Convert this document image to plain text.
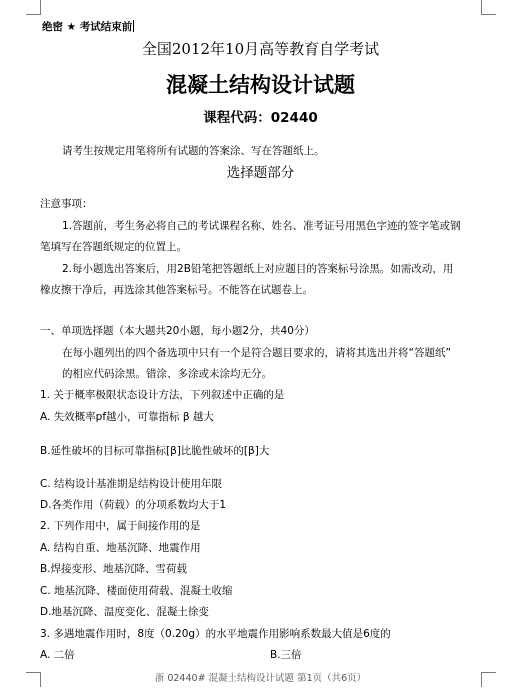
绝密 ★ 考试结束前
全国2012年10月高等教育自学考试
混凝土结构设计试题
课程代码：02440
请考生按规定用笔将所有试题的答案涂、写在答题纸上。
选择题部分
注意事项：
1.答题前，考生务必将自己的考试课程名称、姓名、准考证号用黑色字迹的签字笔或钢
笔填写在答题纸规定的位置上。
2.每小题选出答案后，用2B铅笔把答题纸上对应题目的答案标号涂黑。如需改动，用
橡皮擦干净后，再选涂其他答案标号。不能答在试题卷上。
一、单项选择题（本大题共20小题，每小题2分，共40分）
在每小题列出的四个备选项中只有一个是符合题目要求的，请将其选出并将“答题纸”
的相应代码涂黑。错涂、多涂或未涂均无分。
1. 关于概率极限状态设计方法，下列叙述中正确的是
A. 失效概率pf越小，可靠指标 β 越大
B.延性破坏的目标可靠指标[β]比脆性破坏的[β]大
C. 结构设计基准期是结构设计使用年限
D.各类作用（荷载）的分项系数均大于1
2. 下列作用中，属于间接作用的是
A. 结构自重、地基沉降、地震作用
B.焊接变形、地基沉降、雪荷载
C. 地基沉降、楼面使用荷载、混凝土收缩
D.地基沉降、温度变化、混凝土徐变
3. 多遇地震作用时，8度（0.20g）的水平地震作用影响系数最大值是6度的
A. 二倍	B.三倍
浙 02440# 混凝土结构设计试题 第1页（共6页）
